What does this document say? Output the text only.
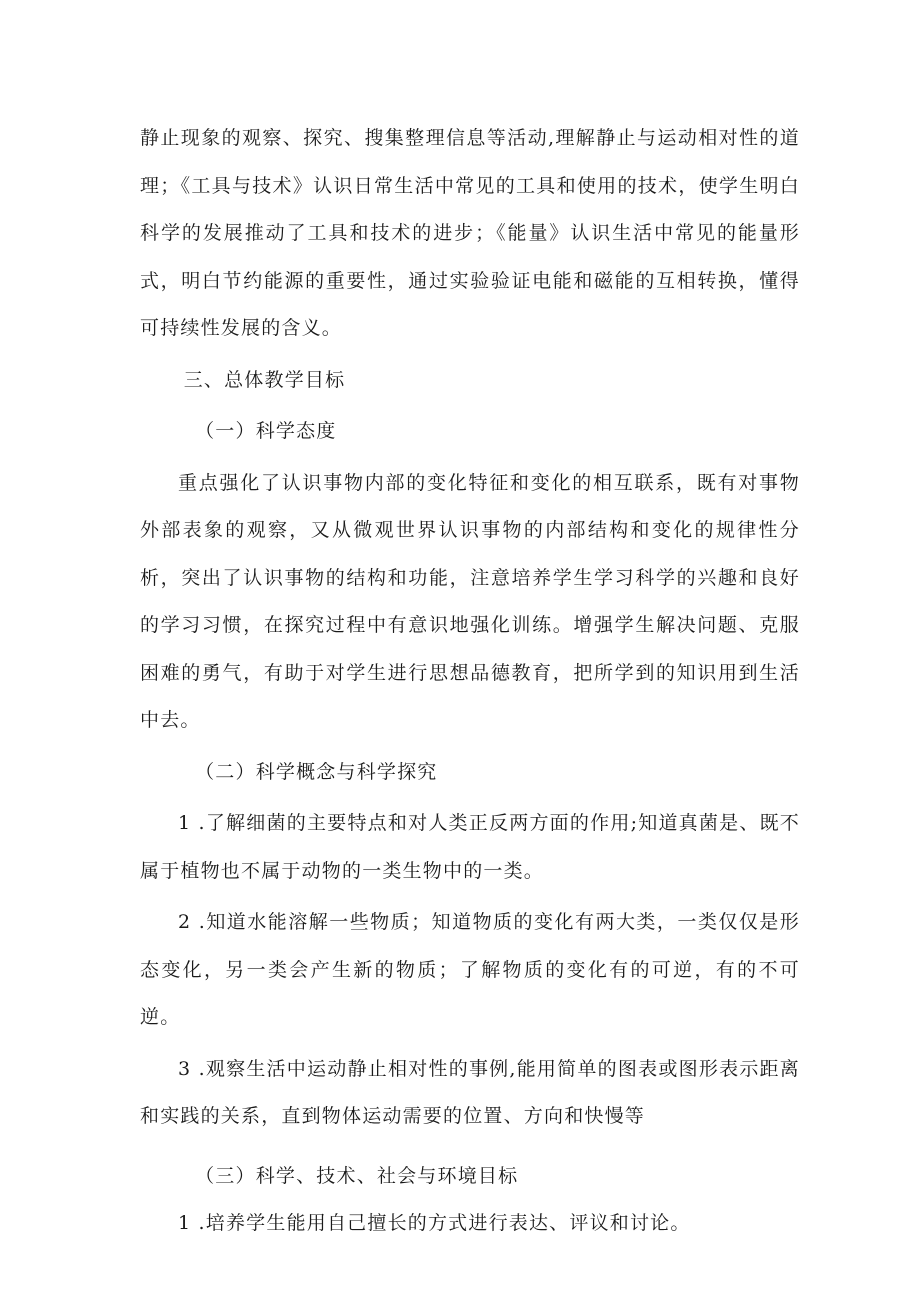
静止现象的观察、探究、搜集整理信息等活动,理解静止与运动相对性的道理；《工具与技术》认识日常生活中常见的工具和使用的技术，使学生明白科学的发展推动了工具和技术的进步；《能量》认识生活中常见的能量形式，明白节约能源的重要性，通过实验验证电能和磁能的互相转换，懂得可持续性发展的含义。

三、总体教学目标

（一）科学态度

重点强化了认识事物内部的变化特征和变化的相互联系，既有对事物外部表象的观察，又从微观世界认识事物的内部结构和变化的规律性分析，突出了认识事物的结构和功能，注意培养学生学习科学的兴趣和良好的学习习惯，在探究过程中有意识地强化训练。增强学生解决问题、克服困难的勇气，有助于对学生进行思想品德教育，把所学到的知识用到生活中去。

（二）科学概念与科学探究

1 .了解细菌的主要特点和对人类正反两方面的作用;知道真菌是、既不属于植物也不属于动物的一类生物中的一类。

2 .知道水能溶解一些物质；知道物质的变化有两大类，一类仅仅是形态变化，另一类会产生新的物质；了解物质的变化有的可逆，有的不可逆。

3 .观察生活中运动静止相对性的事例,能用简单的图表或图形表示距离和实践的关系，直到物体运动需要的位置、方向和快慢等

（三）科学、技术、社会与环境目标

1 .培养学生能用自己擅长的方式进行表达、评议和讨论。
